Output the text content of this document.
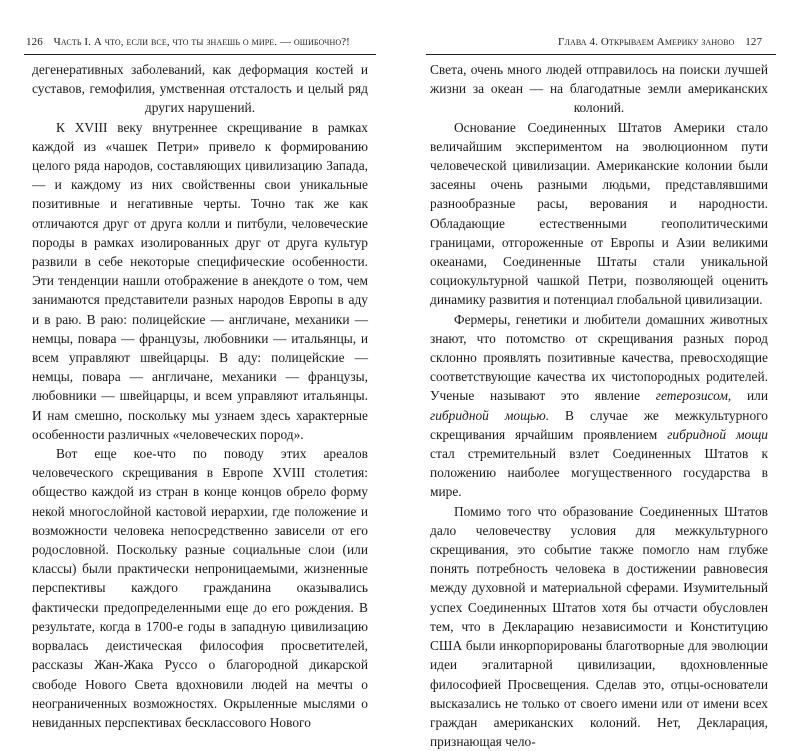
126 Часть I. А что, если все, что ты знаешь о мире. — ошибочно?!

дегенеративных заболеваний, как деформация костей и суставов, гемофилия, умственная отсталость и целый ряд других нарушений.

К XVIII веку внутреннее скрещивание в рамках каждой из «чашек Петри» привело к формированию целого ряда народов, составляющих цивилизацию Запада, — и каждому из них свойственны свои уникальные позитивные и негативные черты. Точно так же как отличаются друг от друга колли и питбули, человеческие породы в рамках изолированных друг от друга культур развили в себе некоторые специфические особенности. Эти тенденции нашли отображение в анекдоте о том, чем занимаются представители разных народов Европы в аду и в раю. В раю: полицейские — англичане, механики — немцы, повара — французы, любовники — итальянцы, и всем управляют швейцарцы. В аду: полицейские — немцы, повара — англичане, механики — французы, любовники — швейцарцы, и всем управляют итальянцы. И нам смешно, поскольку мы узнаем здесь характерные особенности различных «человеческих пород».

Вот еще кое-что по поводу этих ареалов человеческого скрещивания в Европе XVIII столетия: общество каждой из стран в конце концов обрело форму некой многослойной кастовой иерархии, где положение и возможности человека непосредственно зависели от его родословной. Поскольку разные социальные слои (или классы) были практически непроницаемыми, жизненные перспективы каждого гражданина оказывались фактически предопределенными еще до его рождения. В результате, когда в 1700-е годы в западную цивилизацию ворвалась деистическая философия просветителей, рассказы Жан-Жака Руссо о благородной дикарской свободе Нового Света вдохновили людей на мечты о неограниченных возможностях. Окрыленные мыслями о невиданных перспективах бесклассового Нового

Глава 4. Открываем Америку заново 127

Света, очень много людей отправилось на поиски лучшей жизни за океан — на благодатные земли американских колоний.

Основание Соединенных Штатов Америки стало величайшим экспериментом на эволюционном пути человеческой цивилизации. Американские колонии были засеяны очень разными людьми, представлявшими разнообразные расы, верования и народности. Обладающие естественными геополитическими границами, отгороженные от Европы и Азии великими океанами, Соединенные Штаты стали уникальной социокультурной чашкой Петри, позволяющей оценить динамику развития и потенциал глобальной цивилизации.

Фермеры, генетики и любители домашних животных знают, что потомство от скрещивания разных пород склонно проявлять позитивные качества, превосходящие соответствующие качества их чистопородных родителей. Ученые называют это явление гетерозисом, или гибридной мощью. В случае же межкультурного скрещивания ярчайшим проявлением гибридной мощи стал стремительный взлет Соединенных Штатов к положению наиболее могущественного государства в мире.

Помимо того что образование Соединенных Штатов дало человечеству условия для межкультурного скрещивания, это событие также помогло нам глубже понять потребность человека в достижении равновесия между духовной и материальной сферами. Изумительный успех Соединенных Штатов хотя бы отчасти обусловлен тем, что в Декларацию независимости и Конституцию США были инкорпорированы благотворные для эволюции идеи эгалитарной цивилизации, вдохновленные философией Просвещения. Сделав это, отцы-основатели высказались не только от своего имени или от имени всех граждан американских колоний. Нет, Декларация, признающая чело-
